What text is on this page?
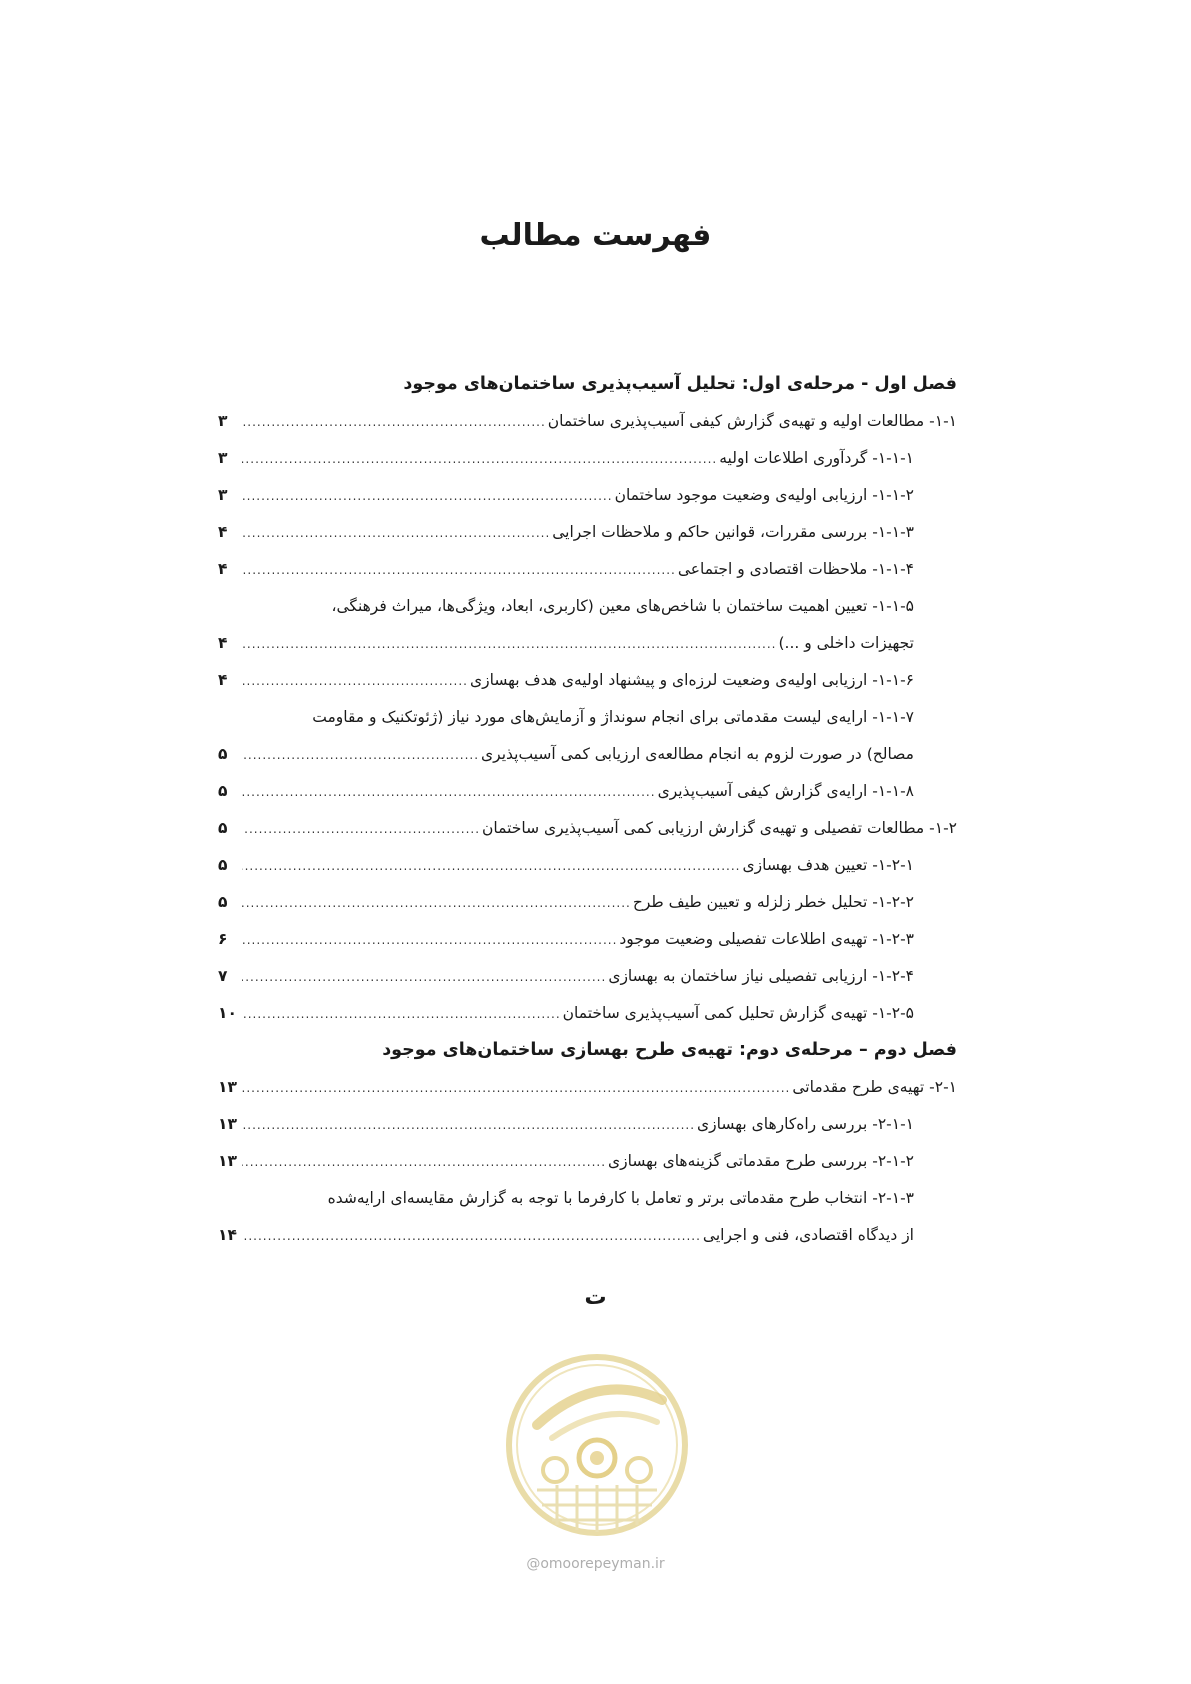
فهرست مطالب
فصل اول - مرحله‌ی اول: تحلیل آسیب‌پذیری ساختمان‌های موجود
۱-۱- مطالعات اولیه و تهیه‌ی گزارش کیفی آسیب‌پذیری ساختمان
.....
۳
۱-۱-۱- گردآوری اطلاعات اولیه
.....
۳
۱-۱-۲- ارزیابی اولیه‌ی وضعیت موجود ساختمان
.....
۳
۱-۱-۳- بررسی مقررات، قوانین حاکم و ملاحظات اجرایی
.....
۴
۱-۱-۴- ملاحظات اقتصادی و اجتماعی
.....
۴
۱-۱-۵- تعیین اهمیت ساختمان با شاخص‌های معین (کاربری، ابعاد، ویژگی‌ها، میراث فرهنگی،
تجهیزات داخلی و ...)
.....
۴
۱-۱-۶- ارزیابی اولیه‌ی وضعیت لرزه‌ای و پیشنهاد اولیه‌ی هدف بهسازی
.....
۴
۱-۱-۷- ارایه‌ی لیست مقدماتی برای انجام سونداژ و آزمایش‌های مورد نیاز (ژئوتکنیک و مقاومت
مصالح) در صورت لزوم به انجام مطالعه‌ی ارزیابی کمی آسیب‌پذیری
.....
۵
۱-۱-۸- ارایه‌ی گزارش کیفی آسیب‌پذیری
.....
۵
۱-۲- مطالعات تفصیلی و تهیه‌ی گزارش ارزیابی کمی آسیب‌پذیری ساختمان
.....
۵
۱-۲-۱- تعیین هدف بهسازی
.....
۵
۱-۲-۲- تحلیل خطر زلزله و تعیین طیف طرح
.....
۵
۱-۲-۳- تهیه‌ی اطلاعات تفصیلی وضعیت موجود
.....
۶
۱-۲-۴- ارزیابی تفصیلی نیاز ساختمان به بهسازی
.....
۷
۱-۲-۵- تهیه‌ی گزارش تحلیل کمی آسیب‌پذیری ساختمان
.....
۱۰
فصل دوم – مرحله‌ی دوم: تهیه‌ی طرح بهسازی ساختمان‌های موجود
۲-۱- تهیه‌ی طرح مقدماتی
.....
۱۳
۲-۱-۱- بررسی راه‌کارهای بهسازی
.....
۱۳
۲-۱-۲- بررسی طرح مقدماتی گزینه‌های بهسازی
.....
۱۳
۲-۱-۳- انتخاب طرح مقدماتی برتر و تعامل با کارفرما با توجه به گزارش مقایسه‌ای ارایه‌شده
از دیدگاه اقتصادی، فنی و اجرایی
.....
۱۴
ت
@omoorepeyman.ir
